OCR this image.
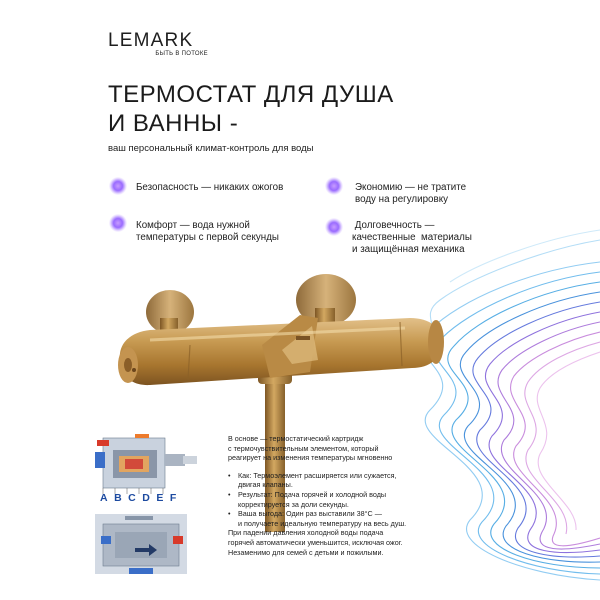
LEMARK
БЫТЬ В ПОТОКЕ
ТЕРМОСТАТ ДЛЯ ДУША
И ВАННЫ -
ваш персональный климат-контроль для воды
Безопасность — никаких ожогов	Экономию — не тратите
воду на регулировку
Комфорт — вода нужной
температуры с первой секунды
Долговечность —
качественные  материалы
и защищённая механика
ABCDEF

В основе — термостатический картридж

с термочувствительным элементом, который

реагирует на изменения температуры мгновенно

•	Как: Термоэлемент расширяется или сужается,

двигая клапаны.

•	Результат: Подача горячей и холодной воды

корректируется за доли секунды.

•	Ваша выгода: Один раз выставили 38°C —

и получаете идеальную температуру на весь душ.

При падении давления холодной воды подача

горячей автоматически уменьшится, исключая ожог.

Незаменимо для семей с детьми и пожилыми.
